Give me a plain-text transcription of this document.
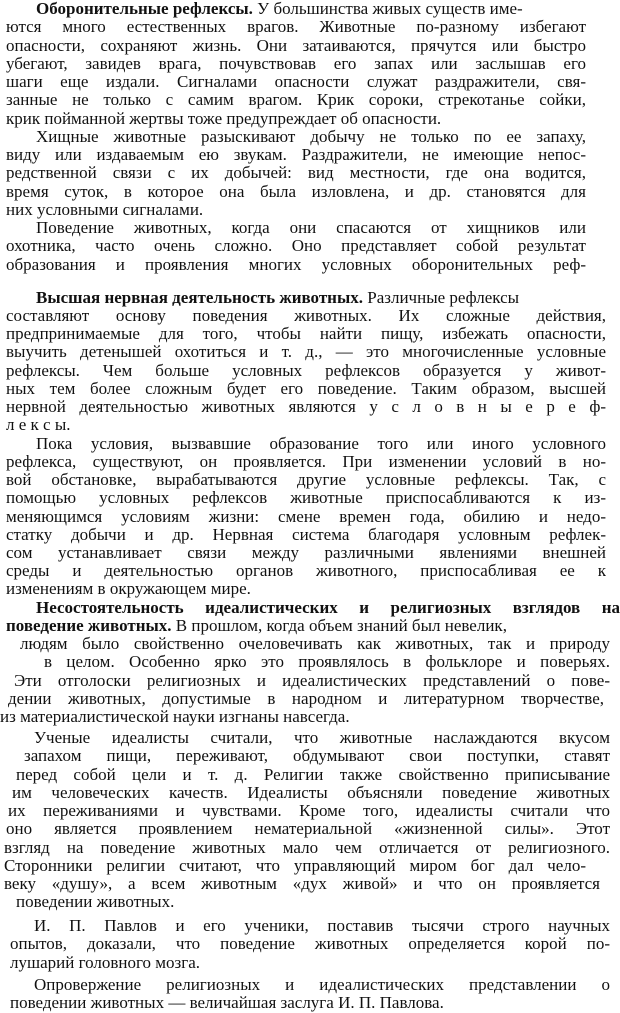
Оборонительные рефлексы. У большинства живых существ име-
ются много естественных врагов. Животные по-разному избегают
опасности, сохраняют жизнь. Они затаиваются, прячутся или быстро
убегают, завидев врага, почувствовав его запах или заслышав его
шаги еще издали. Сигналами опасности служат раздражители, свя-
занные не только с самим врагом. Крик сороки, стрекотанье сойки,
крик пойманной жертвы тоже предупреждает об опасности.
Хищные животные разыскивают добычу не только по ее запаху,
виду или издаваемым ею звукам. Раздражители, не имеющие непос-
редственной связи с их добычей: вид местности, где она водится,
время суток, в которое она была изловлена, и др. становятся для
них условными сигналами.
Поведение животных, когда они спасаются от хищников или
охотника, часто очень сложно. Оно представляет собой результат
образования и проявления многих условных оборонительных реф-
Высшая нервная деятельность животных. Различные рефлексы
составляют основу поведения животных. Их сложные действия,
предпринимаемые для того, чтобы найти пищу, избежать опасности,
выучить детенышей охотиться и т. д., — это многочисленные условные
рефлексы. Чем больше условных рефлексов образуется у живот-
ных тем более сложным будет его поведение. Таким образом, высшей
нервной деятельностью животных являются у с л о в н ы е р е ф-
л е к с ы.
Пока условия, вызвавшие образование того или иного условного
рефлекса, существуют, он проявляется. При изменении условий в но-
вой обстановке, вырабатываются другие условные рефлексы. Так, с
помощью условных рефлексов животные приспосабливаются к из-
меняющимся условиям жизни: смене времен года, обилию и недо-
статку добычи и др. Нервная система благодаря условным рефлек-
сом устанавливает связи между различными явлениями внешней
среды и деятельностью органов животного, приспосабливая ее к
изменениям в окружающем мире.
Несостоятельность идеалистических и религиозных взглядов на
поведение животных. В прошлом, когда объем знаний был невелик,
людям было свойственно очеловечивать как животных, так и природу
в целом. Особенно ярко это проявлялось в фольклоре и поверьях.
Эти отголоски религиозных и идеалистических представлений о пове-
дении животных, допустимые в народном и литературном творчестве,
из материалистической науки изгнаны навсегда.
Ученые идеалисты считали, что животные наслаждаются вкусом
запахом пищи, переживают, обдумывают свои поступки, ставят
перед собой цели и т. д. Религии также свойственно приписывание
им человеческих качеств. Идеалисты объясняли поведение животных
их переживаниями и чувствами. Кроме того, идеалисты считали что
оно является проявлением нематериальной «жизненной силы». Этот
взгляд на поведение животных мало чем отличается от религиозного.
Сторонники религии считают, что управляющий миром бог дал чело-
веку «душу», а всем животным «дух живой» и что он проявляется
поведении животных.
И. П. Павлов и его ученики, поставив тысячи строго научных
опытов, доказали, что поведение животных определяется корой по-
лушарий головного мозга.
Опровержение религиозных и идеалистических представлении о
поведении животных — величайшая заслуга И. П. Павлова.
